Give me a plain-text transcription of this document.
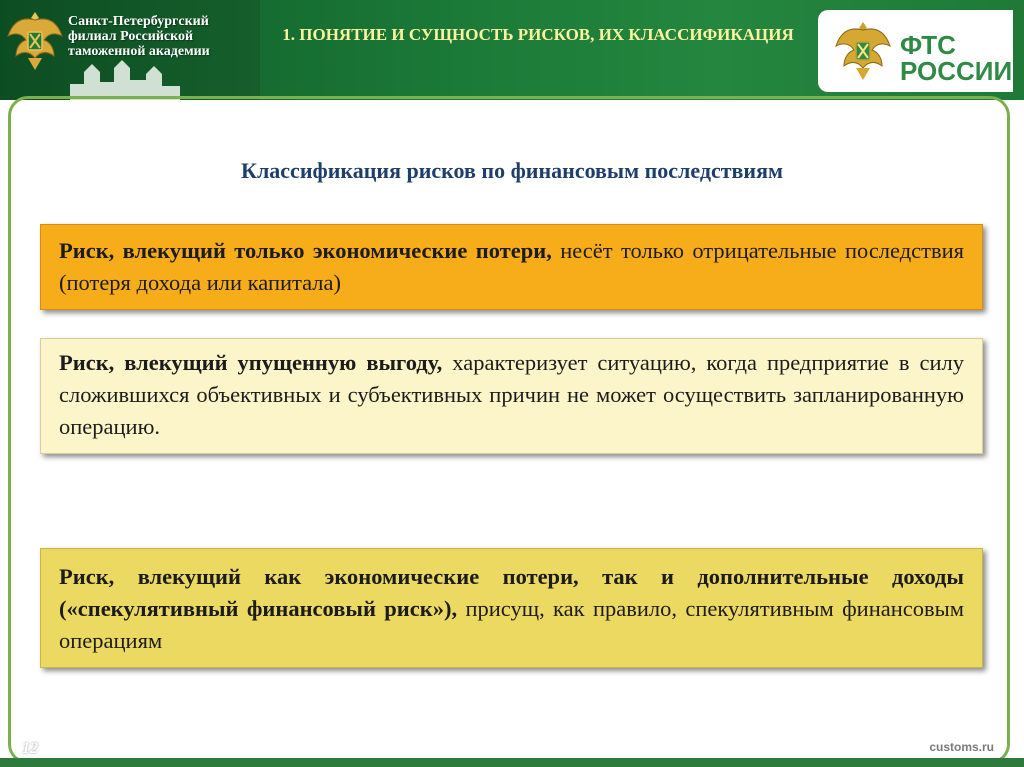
Санкт-Петербургский филиал Российской таможенной академии
1. ПОНЯТИЕ И СУЩНОСТЬ РИСКОВ, ИХ КЛАССИФИКАЦИЯ	ФТС
РОССИИ
Классификация рисков по финансовым последствиям
Риск, влекущий только экономические потери, несёт только отрицательные последствия (потеря дохода или капитала)
Риск, влекущий упущенную выгоду, характеризует ситуацию, когда предприятие в силу сложившихся объективных и субъективных причин не может осуществить запланированную операцию.
Риск, влекущий как экономические потери, так и дополнительные доходы («спекулятивный финансовый риск»), присущ, как правило, спекулятивным финансовым операциям
12	customs.ru
